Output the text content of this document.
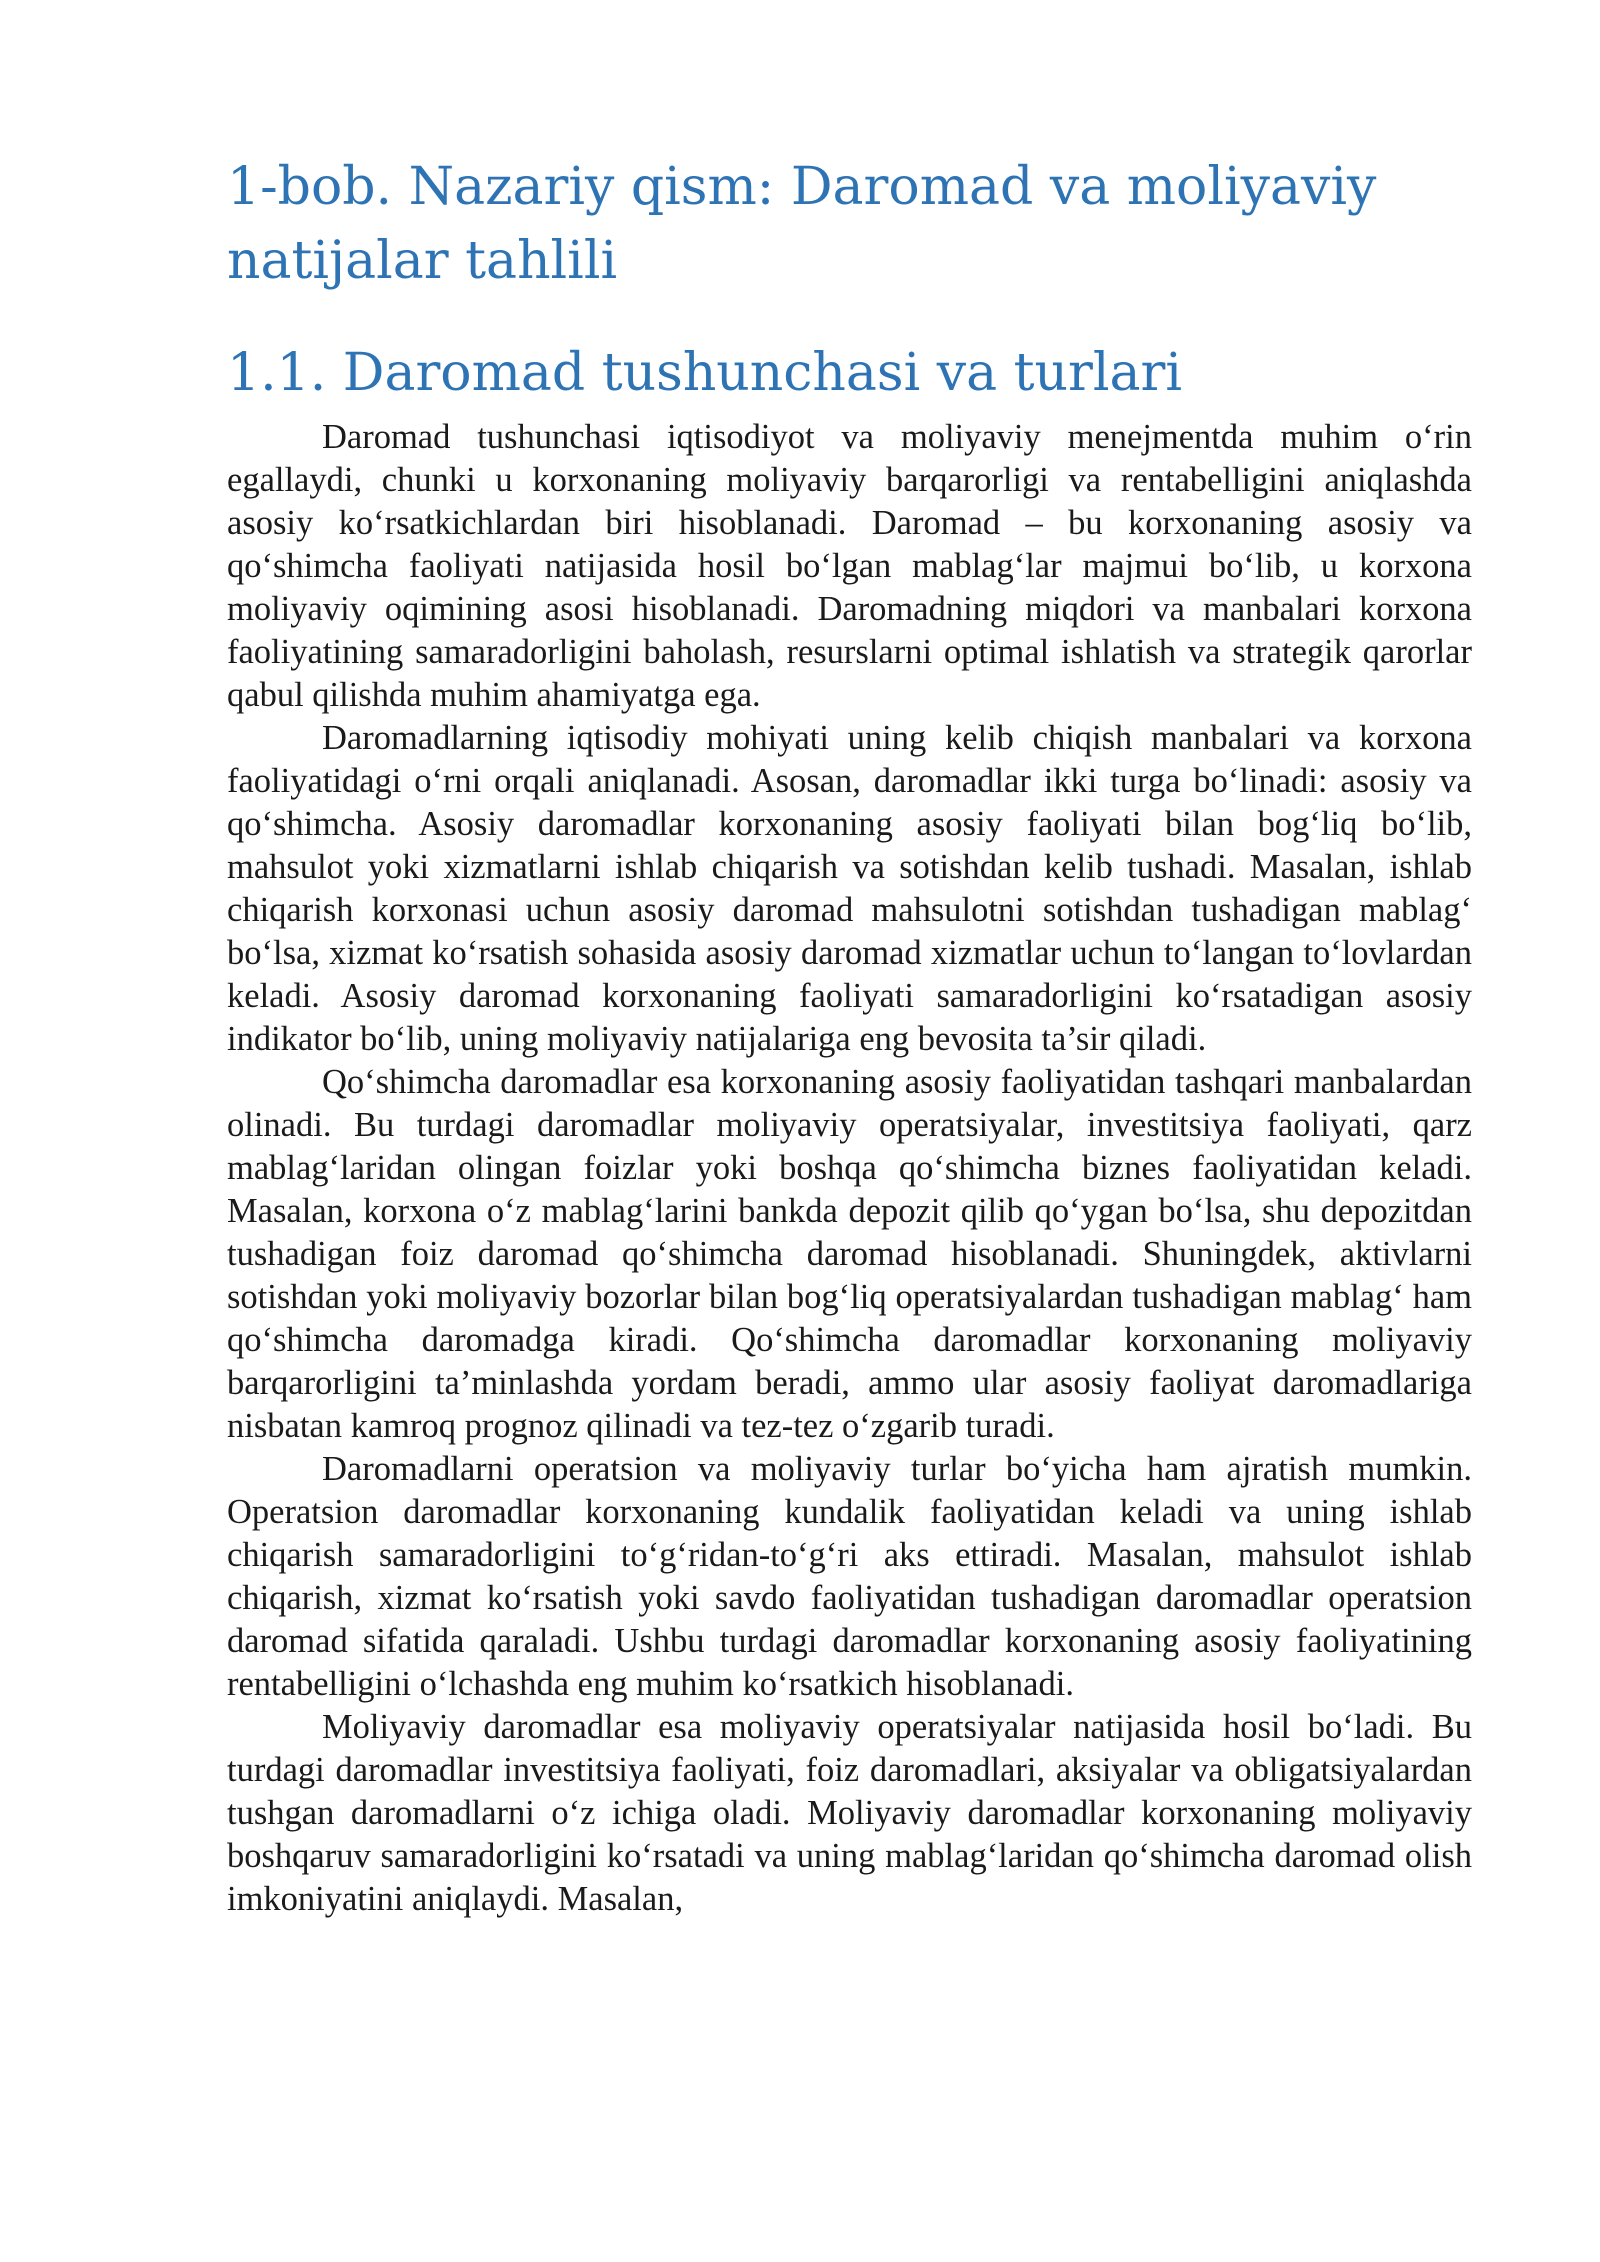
1-bob. Nazariy qism: Daromad va moliyaviy natijalar tahlili
1.1. Daromad tushunchasi va turlari

Daromad tushunchasi iqtisodiyot va moliyaviy menejmentda muhim o‘rin egallaydi, chunki u korxonaning moliyaviy barqarorligi va rentabelligini aniqlashda asosiy ko‘rsatkichlardan biri hisoblanadi. Daromad – bu korxonaning asosiy va qo‘shimcha faoliyati natijasida hosil bo‘lgan mablag‘lar majmui bo‘lib, u korxona moliyaviy oqimining asosi hisoblanadi. Daromadning miqdori va manbalari korxona faoliyatining samaradorligini baholash, resurslarni optimal ishlatish va strategik qarorlar qabul qilishda muhim ahamiyatga ega.

Daromadlarning iqtisodiy mohiyati uning kelib chiqish manbalari va korxona faoliyatidagi o‘rni orqali aniqlanadi. Asosan, daromadlar ikki turga bo‘linadi: asosiy va qo‘shimcha. Asosiy daromadlar korxonaning asosiy faoliyati bilan bog‘liq bo‘lib, mahsulot yoki xizmatlarni ishlab chiqarish va sotishdan kelib tushadi. Masalan, ishlab chiqarish korxonasi uchun asosiy daromad mahsulotni sotishdan tushadigan mablag‘ bo‘lsa, xizmat ko‘rsatish sohasida asosiy daromad xizmatlar uchun to‘langan to‘lovlardan keladi. Asosiy daromad korxonaning faoliyati samaradorligini ko‘rsatadigan asosiy indikator bo‘lib, uning moliyaviy natijalariga eng bevosita ta’sir qiladi.

Qo‘shimcha daromadlar esa korxonaning asosiy faoliyatidan tashqari manbalardan olinadi. Bu turdagi daromadlar moliyaviy operatsiyalar, investitsiya faoliyati, qarz mablag‘laridan olingan foizlar yoki boshqa qo‘shimcha biznes faoliyatidan keladi. Masalan, korxona o‘z mablag‘larini bankda depozit qilib qo‘ygan bo‘lsa, shu depozitdan tushadigan foiz daromad qo‘shimcha daromad hisoblanadi. Shuningdek, aktivlarni sotishdan yoki moliyaviy bozorlar bilan bog‘liq operatsiyalardan tushadigan mablag‘ ham qo‘shimcha daromadga kiradi. Qo‘shimcha daromadlar korxonaning moliyaviy barqarorligini ta’minlashda yordam beradi, ammo ular asosiy faoliyat daromadlariga nisbatan kamroq prognoz qilinadi va tez-tez o‘zgarib turadi.

Daromadlarni operatsion va moliyaviy turlar bo‘yicha ham ajratish mumkin. Operatsion daromadlar korxonaning kundalik faoliyatidan keladi va uning ishlab chiqarish samaradorligini to‘g‘ridan-to‘g‘ri aks ettiradi. Masalan, mahsulot ishlab chiqarish, xizmat ko‘rsatish yoki savdo faoliyatidan tushadigan daromadlar operatsion daromad sifatida qaraladi. Ushbu turdagi daromadlar korxonaning asosiy faoliyatining rentabelligini o‘lchashda eng muhim ko‘rsatkich hisoblanadi.

Moliyaviy daromadlar esa moliyaviy operatsiyalar natijasida hosil bo‘ladi. Bu turdagi daromadlar investitsiya faoliyati, foiz daromadlari, aksiyalar va obligatsiyalardan tushgan daromadlarni o‘z ichiga oladi. Moliyaviy daromadlar korxonaning moliyaviy boshqaruv samaradorligini ko‘rsatadi va uning mablag‘laridan qo‘shimcha daromad olish imkoniyatini aniqlaydi. Masalan,
